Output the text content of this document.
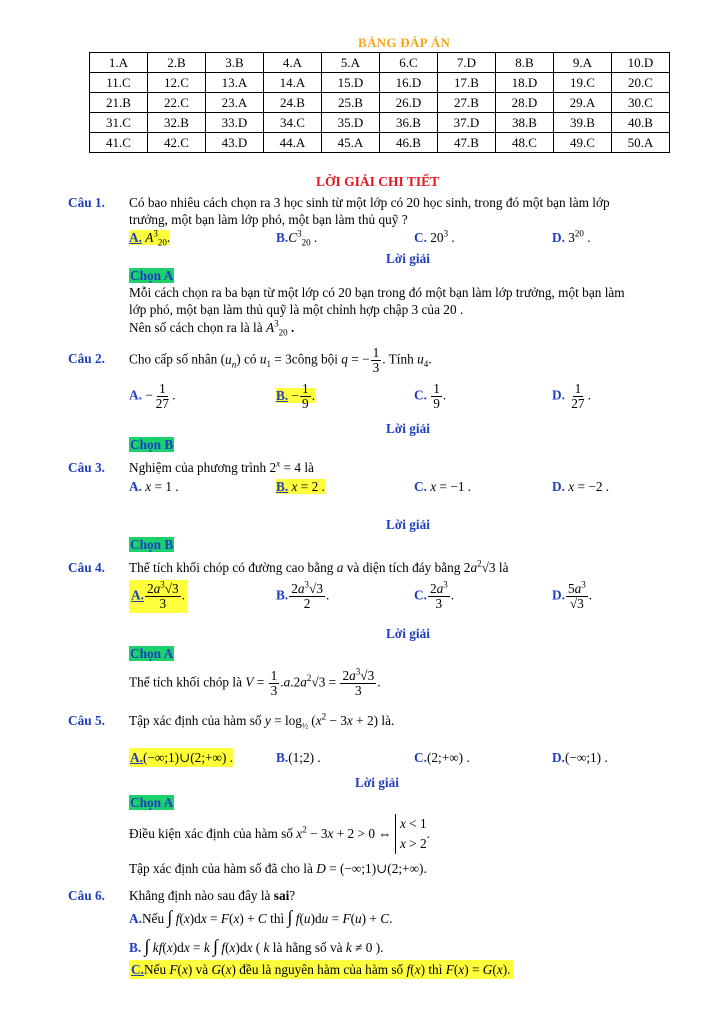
BẢNG ĐÁP ÁN
1.A	2.B	3.B	4.A	5.A	6.C	7.D	8.B	9.A	10.D
11.C	12.C	13.A	14.A	15.D	16.D	17.B	18.D	19.C	20.C
21.B	22.C	23.A	24.B	25.B	26.D	27.B	28.D	29.A	30.C
31.C	32.B	33.D	34.C	35.D	36.B	37.D	38.B	39.B	40.B
41.C	42.C	43.D	44.A	45.A	46.B	47.B	48.C	49.C	50.A
LỜI GIẢI CHI TIẾT
Câu 1. Có bao nhiêu cách chọn ra 3 học sinh từ một lớp có 20 học sinh, trong đó một bạn làm lớp
trưởng, một bạn làm lớp phó, một bạn làm thủ quỹ ?
A. $A^3_{20}$.	$B.C^3_{20}$ .	C. $20^3$ .	D. $3^{20}$ .
Lời giải
Chọn A
Mỗi cách chọn ra ba bạn từ một lớp có 20 bạn trong đó một bạn làm lớp trưởng, một bạn làm
lớp phó, một bạn làm thủ quỹ là một chỉnh hợp chập 3 của 20 .
Nên số cách chọn ra là là $A^3_{20}$ .
Câu 2. Cho cấp số nhân $(u_n)$ có $u_1$ = 3công bội q = − $\frac{1}{3}$ . Tính $u_4$.
A. − $\frac{1}{27}$ .	B. − $\frac{1}{9}$ .	C. $\frac{1}{9}$ .	D. $\frac{1}{27}$ .
Lời giải
Chọn B
Câu 3. Nghiệm của phương trình $2^x = 4$ là
A. x = 1 .	B. x = 2 .	C. x = −1 .	D. x = −2 .
Lời giải
Chọn B
Câu 4. Thể tích khối chóp có đường cao bằng a và diện tích đáy bằng $2a^2√3$ là
A. $\frac{2a^3√3}{3}$ .	B. $\frac{2a^3√3}{2}$ .	C. $\frac{2a^3}{3}$ .	D. $\frac{5a^3}{√3}$ .
Lời giải
Chọn A
Thể tích khối chóp là $V = \frac{1}{3} .a.2a^2√3 = \frac{2a^3√3}{3}$ .
Câu 5. Tập xác định của hàm số $y = \log_{\frac{1}{2}} (x^2 - 3x + 2)$ là.
A.(−∞;1)∪(2;+∞) .	B.(1;2) .	C.(2;+∞) .	D.(−∞;1) .
Lời giải
Chọn A
Điều kiện xác định của hàm số $x^2 - 3x + 2 > 0$ ⇔ x < 1
x > 2.
Tập xác định của hàm số đã cho là D = (−∞;1)∪(2;+∞).
Câu 6. Khẳng định nào sau đây là sai?
A.Nếu ∫ f(x)dx = F(x) + C thì ∫ f(u)du = F(u) + C.
B. ∫ kf(x)dx = k ∫ f(x)dx ( k là hằng số và k ≠ 0 ).
C.Nếu F(x) và G(x) đều là nguyên hàm của hàm số f(x) thì F(x) = G(x).
